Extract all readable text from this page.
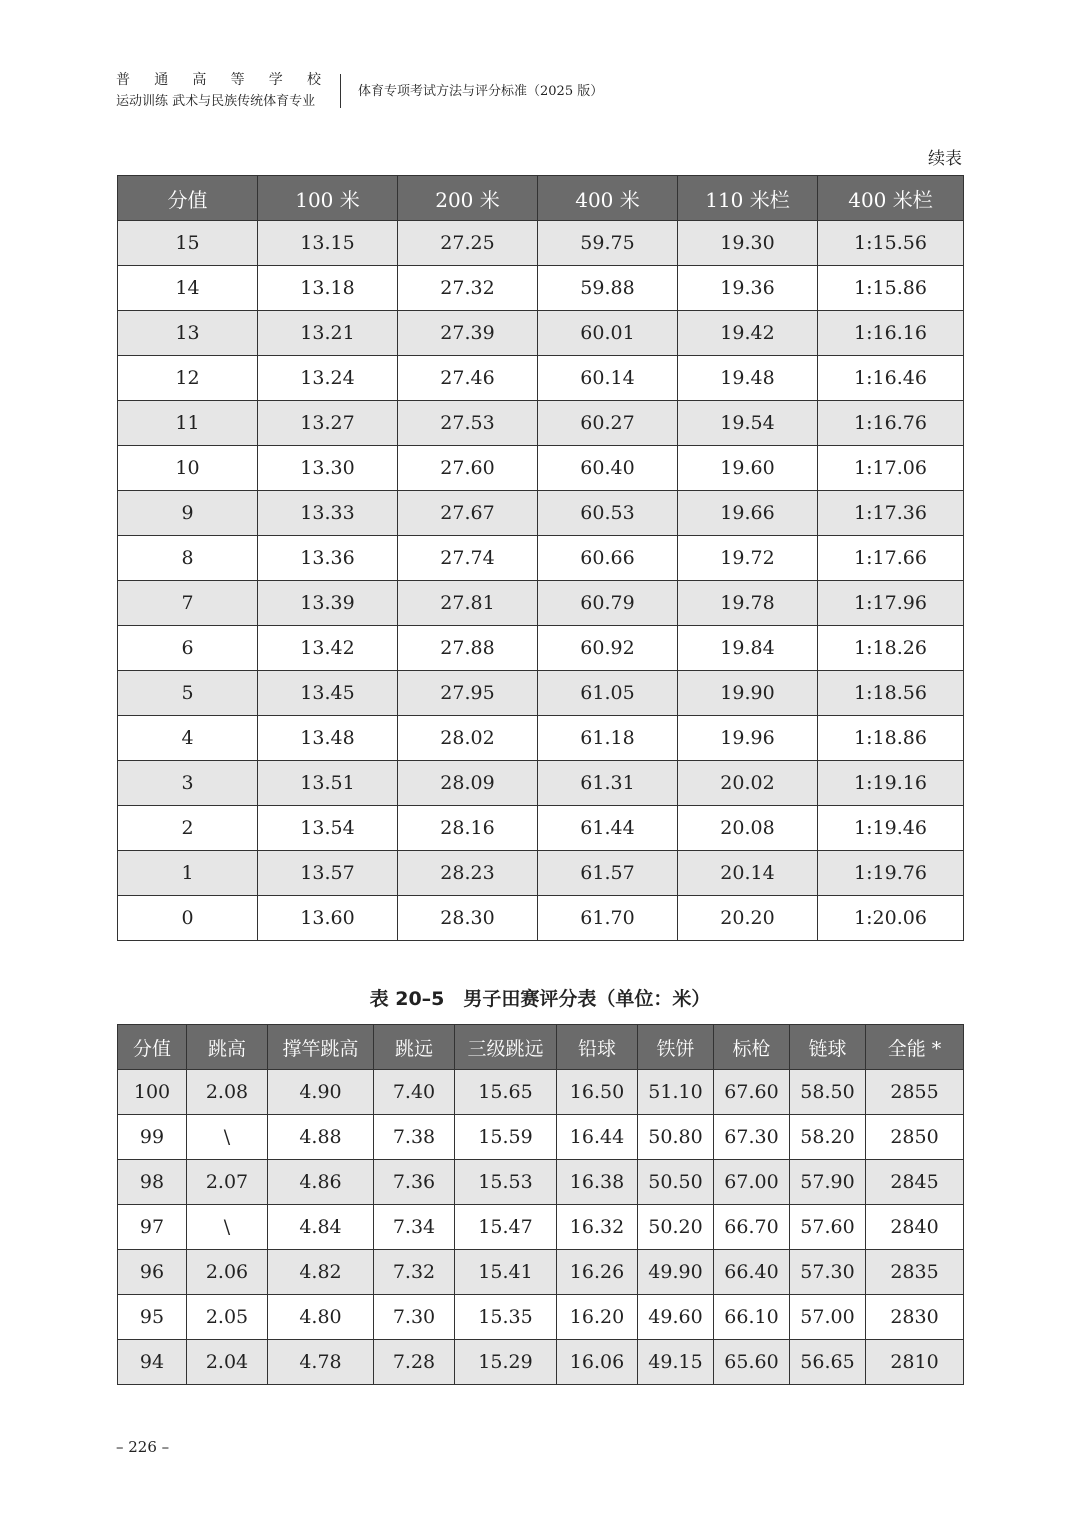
普 通 高 等 学 校
运动训练 武术与民族传统体育专业
体育专项考试方法与评分标准（2025 版）
续表
分值	100 米	200 米	400 米	110 米栏	400 米栏
15	13.15	27.25	59.75	19.30	1:15.56
14	13.18	27.32	59.88	19.36	1:15.86
13	13.21	27.39	60.01	19.42	1:16.16
12	13.24	27.46	60.14	19.48	1:16.46
11	13.27	27.53	60.27	19.54	1:16.76
10	13.30	27.60	60.40	19.60	1:17.06
9	13.33	27.67	60.53	19.66	1:17.36
8	13.36	27.74	60.66	19.72	1:17.66
7	13.39	27.81	60.79	19.78	1:17.96
6	13.42	27.88	60.92	19.84	1:18.26
5	13.45	27.95	61.05	19.90	1:18.56
4	13.48	28.02	61.18	19.96	1:18.86
3	13.51	28.09	61.31	20.02	1:19.16
2	13.54	28.16	61.44	20.08	1:19.46
1	13.57	28.23	61.57	20.14	1:19.76
0	13.60	28.30	61.70	20.20	1:20.06
表 20–5　男子田赛评分表（单位：米）
分值	跳高	撑竿跳高	跳远	三级跳远	铅球	铁饼	标枪	链球	全能 *
100	2.08	4.90	7.40	15.65	16.50	51.10	67.60	58.50	2855
99	\	4.88	7.38	15.59	16.44	50.80	67.30	58.20	2850
98	2.07	4.86	7.36	15.53	16.38	50.50	67.00	57.90	2845
97	\	4.84	7.34	15.47	16.32	50.20	66.70	57.60	2840
96	2.06	4.82	7.32	15.41	16.26	49.90	66.40	57.30	2835
95	2.05	4.80	7.30	15.35	16.20	49.60	66.10	57.00	2830
94	2.04	4.78	7.28	15.29	16.06	49.15	65.60	56.65	2810
– 226 –
